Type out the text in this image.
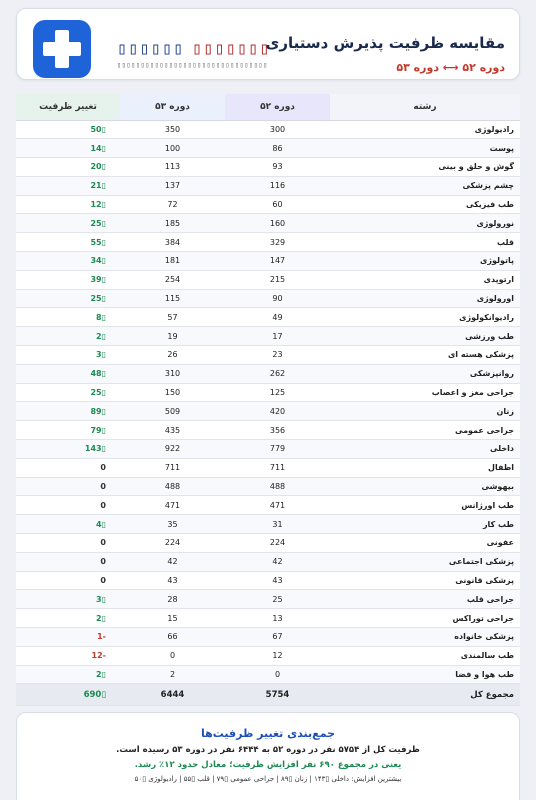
▯▯▯▯▯▯ ▯▯▯▯▯▯▯
▯▯▯▯▯▯▯▯▯▯▯▯▯▯▯▯▯▯▯▯▯▯▯▯▯▯▯▯▯▯▯▯
مقایسه ظرفیت پذیرش دستیاری
دوره ۵۲ ⟷ دوره ۵۳
رشته	دوره ۵۲	دوره ۵۳	تغییر ظرفیت
رادیولوژی	300	350	▯50
پوست	86	100	▯14
گوش و حلق و بینی	93	113	▯20
چشم پزشکی	116	137	▯21
طب فیزیکی	60	72	▯12
نورولوژی	160	185	▯25
قلب	329	384	▯55
پاتولوژی	147	181	▯34
ارتوپدی	215	254	▯39
اورولوژی	90	115	▯25
رادیوانکولوژی	49	57	▯8
طب ورزشی	17	19	▯2
پزشکی هسته ای	23	26	▯3
روانپزشکی	262	310	▯48
جراحی مغز و اعصاب	125	150	▯25
زنان	420	509	▯89
جراحی عمومی	356	435	▯79
داخلی	779	922	▯143
اطفال	711	711	0
بیهوشی	488	488	0
طب اورژانس	471	471	0
طب کار	31	35	▯4
عفونی	224	224	0
پزشکی اجتماعی	42	42	0
پزشکی قانونی	43	43	0
جراحی قلب	25	28	▯3
جراحی توراکس	13	15	▯2
پزشکی خانواده	67	66	-1
طب سالمندی	12	0	-12
طب هوا و فضا	0	2	▯2
مجموع کل	5754	6444	▯690
جمع‌بندی تغییر ظرفیت‌ها
ظرفیت کل از ۵۷۵۴ نفر در دوره ۵۲ به ۶۴۴۴ نفر در دوره ۵۳ رسیده است.
یعنی در مجموع ۶۹۰ نفر افزایش ظرفیت؛ معادل حدود ۱۲٪ رشد.
بیشترین افزایش: داخلی ▯۱۴۳ | زنان ▯۸۹ | جراحی عمومی ▯۷۹ | قلب ▯۵۵ | رادیولوژی ▯۵۰
